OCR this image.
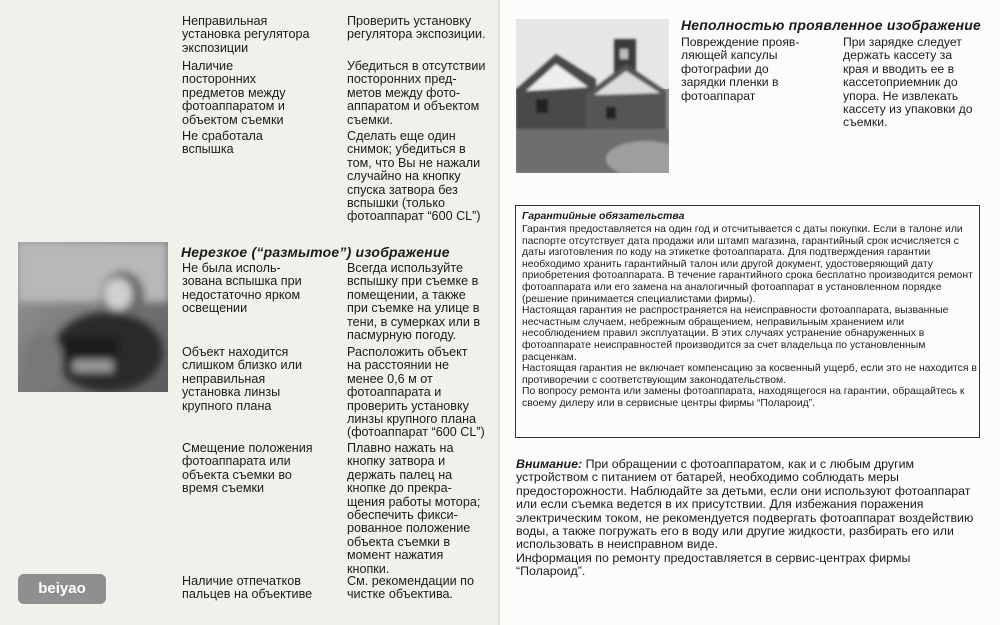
Неправильная
установка регулятора
экспозиции
Проверить установку
регулятора экспозиции.
Наличие
посторонних
предметов между
фотоаппаратом и
объектом съемки
Убедиться в отсутствии
посторонних пред-
метов между фото-
аппаратом и объектом
съемки.
Не сработала
вспышка
Сделать еще один
снимок; убедиться в
том, что Вы не нажали
случайно на кнопку
спуска затвора без
вспышки (только
фотоаппарат “600 CL”)
Нерезкое (“размытое”) изображение
Не была исполь-
зована вспышка при
недостаточно ярком
освещении
Всегда используйте
вспышку при съемке в
помещении, а также
при съемке на улице в
тени, в сумерках или в
пасмурную погоду.
Объект находится
слишком близко или
неправильная
установка линзы
крупного плана
Расположить объект
на расстоянии не
менее 0,6 м от
фотоаппарата и
проверить установку
линзы крупного плана
(фотоаппарат “600 CL”)
Смещение положения
фотоаппарата или
объекта съемки во
время съемки
Плавно нажать на
кнопку затвора и
держать палец на
кнопке до прекра-
щения работы мотора;
обеспечить фикси-
рованное положение
объекта съемки в
момент нажатия
кнопки.
Наличие отпечатков
пальцев на объективе
См. рекомендации по
чистке объектива.
beiyao
Неполностью проявленное изображение
Повреждение прояв-
ляющей капсулы
фотографии до
зарядки пленки в
фотоаппарат
При зарядке следует
держать кассету за
края и вводить ее в
кассетоприемник до
упора. Не извлекать
кассету из упаковки до
съемки.
Гарантийные обязательства

Гарантия предоставляется на один год и отсчитывается с даты покупки. Если в талоне или паспорте отсутствует дата продажи или штамп магазина, гарантийный срок исчисляется с даты изготовления по коду на этикетке фотоаппарата. Для подтверждения гарантии необходимо хранить гарантийный талон или другой документ, удостоверяющий дату приобретения фотоаппарата. В течение гарантийного срока бесплатно производится ремонт фотоаппарата или его замена на аналогичный фотоаппарат в установленном порядке (решение принимается специалистами фирмы).

Настоящая гарантия не распространяется на неисправности фотоаппарата, вызванные несчастным случаем, небрежным обращением, неправильным хранением или несоблюдением правил эксплуатации. В этих случаях устранение обнаруженных в фотоаппарате неисправностей производится за счет владельца по установленным расценкам.

Настоящая гарантия не включает компенсацию за косвенный ущерб, если это не находится в противоречии с соответствующим законодательством.

По вопросу ремонта или замены фотоаппарата, находящегося на гарантии, обращайтесь к своему дилеру или в сервисные центры фирмы “Полароид”.

Внимание: При обращении с фотоаппаратом, как и с любым другим устройством с питанием от батарей, необходимо соблюдать меры предосторожности. Наблюдайте за детьми, если они используют фотоаппарат или если съемка ведется в их присутствии. Для избежания поражения электрическим током, не рекомендуется подвергать фотоаппарат воздействию воды, а также погружать его в воду или другие жидкости, разбирать его или использовать в неисправном виде.

Информация по ремонту предоставляется в сервис-центрах фирмы “Полароид”.
